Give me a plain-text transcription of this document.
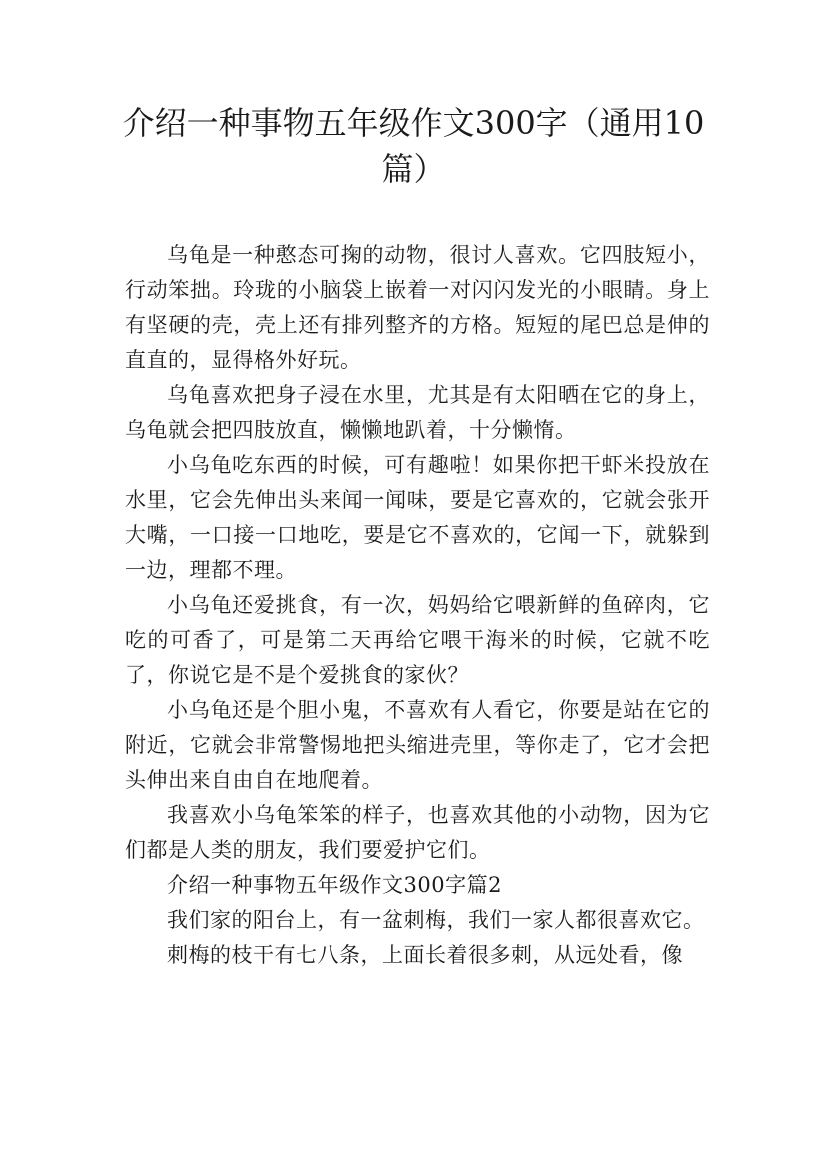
介绍一种事物五年级作文300字（通用10篇）

乌龟是一种憨态可掬的动物，很讨人喜欢。它四肢短小，行动笨拙。玲珑的小脑袋上嵌着一对闪闪发光的小眼睛。身上有坚硬的壳，壳上还有排列整齐的方格。短短的尾巴总是伸的直直的，显得格外好玩。

乌龟喜欢把身子浸在水里，尤其是有太阳晒在它的身上，乌龟就会把四肢放直，懒懒地趴着，十分懒惰。

小乌龟吃东西的时候，可有趣啦！如果你把干虾米投放在水里，它会先伸出头来闻一闻味，要是它喜欢的，它就会张开大嘴，一口接一口地吃，要是它不喜欢的，它闻一下，就躲到一边，理都不理。

小乌龟还爱挑食，有一次，妈妈给它喂新鲜的鱼碎肉，它吃的可香了，可是第二天再给它喂干海米的时候，它就不吃了，你说它是不是个爱挑食的家伙？

小乌龟还是个胆小鬼，不喜欢有人看它，你要是站在它的附近，它就会非常警惕地把头缩进壳里，等你走了，它才会把头伸出来自由自在地爬着。

我喜欢小乌龟笨笨的样子，也喜欢其他的小动物，因为它们都是人类的朋友，我们要爱护它们。

介绍一种事物五年级作文300字篇2

我们家的阳台上，有一盆刺梅，我们一家人都很喜欢它。

刺梅的枝干有七八条，上面长着很多刺，从远处看，像
